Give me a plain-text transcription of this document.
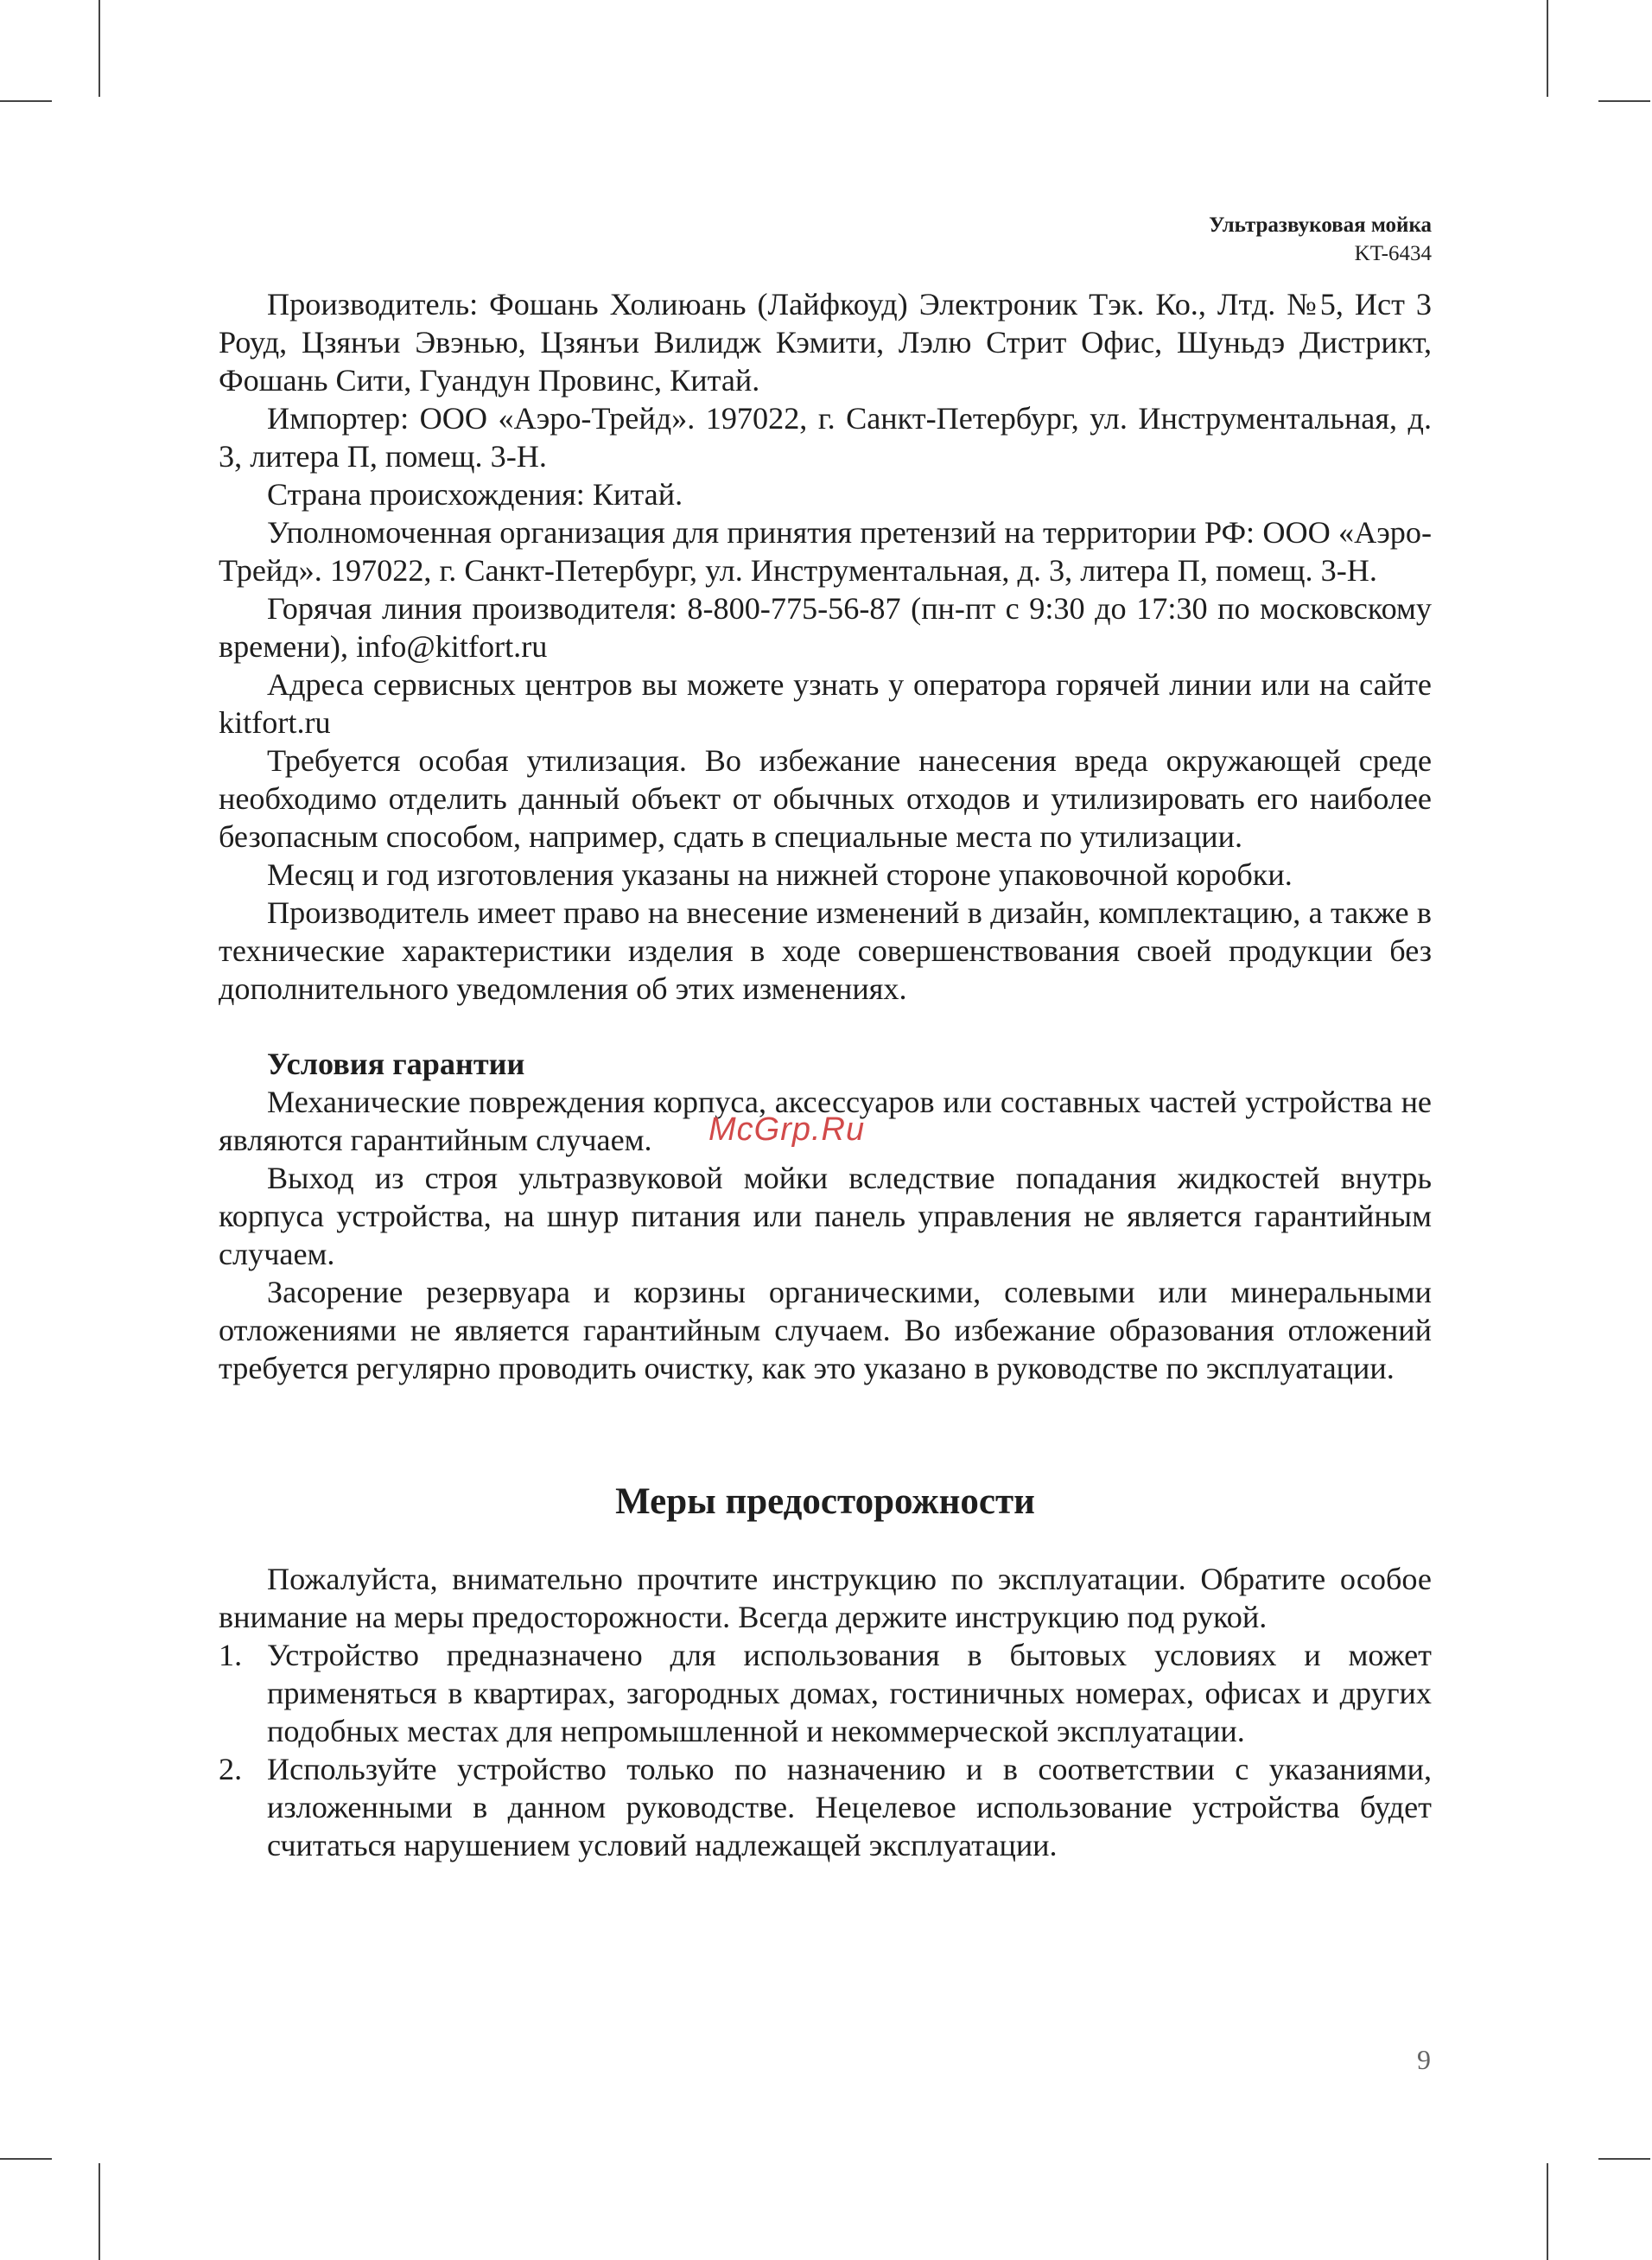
Ультразвуковая мойка
KT-6434

Производитель: Фошань Холиюань (Лайфкоуд) Электроник Тэк. Ко., Лтд. №5, Ист 3 Роуд, Цзянъи Эвэнью, Цзянъи Вилидж Кэмити, Лэлю Стрит Офис, Шуньдэ Дистрикт, Фошань Сити, Гуандун Провинс, Китай.

Импортер: ООО «Аэро-Трейд». 197022, г. Санкт-Петербург, ул. Инструментальная, д. 3, литера П, помещ. 3-Н.

Страна происхождения: Китай.

Уполномоченная организация для принятия претензий на территории РФ: ООО «Аэро-Трейд». 197022, г. Санкт-Петербург, ул. Инструментальная, д. 3, литера П, помещ. 3-Н.

Горячая линия производителя: 8-800-775-56-87 (пн-пт с 9:30 до 17:30 по московскому времени), info@kitfort.ru

Адреса сервисных центров вы можете узнать у оператора горячей линии или на сайте kitfort.ru

Требуется особая утилизация. Во избежание нанесения вреда окружающей среде необходимо отделить данный объект от обычных отходов и утилизировать его наиболее безопасным способом, например, сдать в специальные места по утилизации.

Месяц и год изготовления указаны на нижней стороне упаковочной коробки.

Производитель имеет право на внесение изменений в дизайн, комплектацию, а также в технические характеристики изделия в ходе совершенствования своей продукции без дополнительного уведомления об этих изменениях.

Условия гарантии

Механические повреждения корпуса, аксессуаров или составных частей устройства не являются гарантийным случаем.

Выход из строя ультразвуковой мойки вследствие попадания жидкостей внутрь корпуса устройства, на шнур питания или панель управления не является гарантийным случаем.

Засорение резервуара и корзины органическими, солевыми или минеральными отложениями не является гарантийным случаем. Во избежание образования отложений требуется регулярно проводить очистку, как это указано в руководстве по эксплуатации.

Меры предосторожности

Пожалуйста, внимательно прочтите инструкцию по эксплуатации. Обратите особое внимание на меры предосторожности. Всегда держите инструкцию под рукой.

1. Устройство предназначено для использования в бытовых условиях и может применяться в квартирах, загородных домах, гостиничных номерах, офисах и других подобных местах для непромышленной и некоммерческой эксплуатации.
2. Используйте устройство только по назначению и в соответствии с указаниями, изложенными в данном руководстве. Нецелевое использование устройства будет считаться нарушением условий надлежащей эксплуатации.
McGrp.Ru
9
